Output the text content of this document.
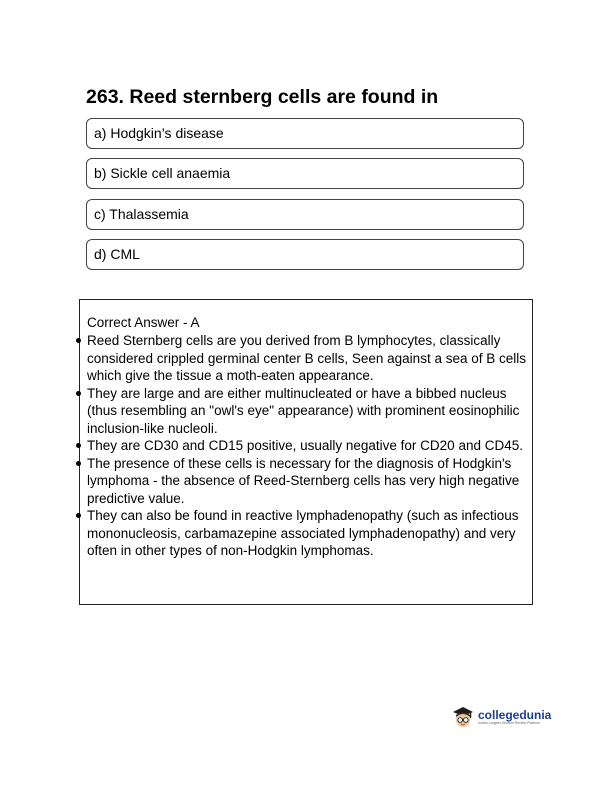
263. Reed sternberg cells are found in
a) Hodgkin’s disease
b) Sickle cell anaemia
c) Thalassemia
d) CML
Correct Answer - A
Reed Sternberg cells are you derived from B lymphocytes, classically considered crippled germinal center B cells, Seen against a sea of B cells which give the tissue a moth-eaten appearance.
They are large and are either multinucleated or have a bibbed nucleus (thus resembling an "owl's eye" appearance) with prominent eosinophilic inclusion-like nucleoli.
They are CD30 and CD15 positive, usually negative for CD20 and CD45.
The presence of these cells is necessary for the diagnosis of Hodgkin's lymphoma - the absence of Reed-Sternberg cells has very high negative predictive value.
They can also be found in reactive lymphadenopathy (such as infectious mononucleosis, carbamazepine associated lymphadenopathy) and very often in other types of non-Hodgkin lymphomas.
collegedunia
India's Largest Student Review Platform
